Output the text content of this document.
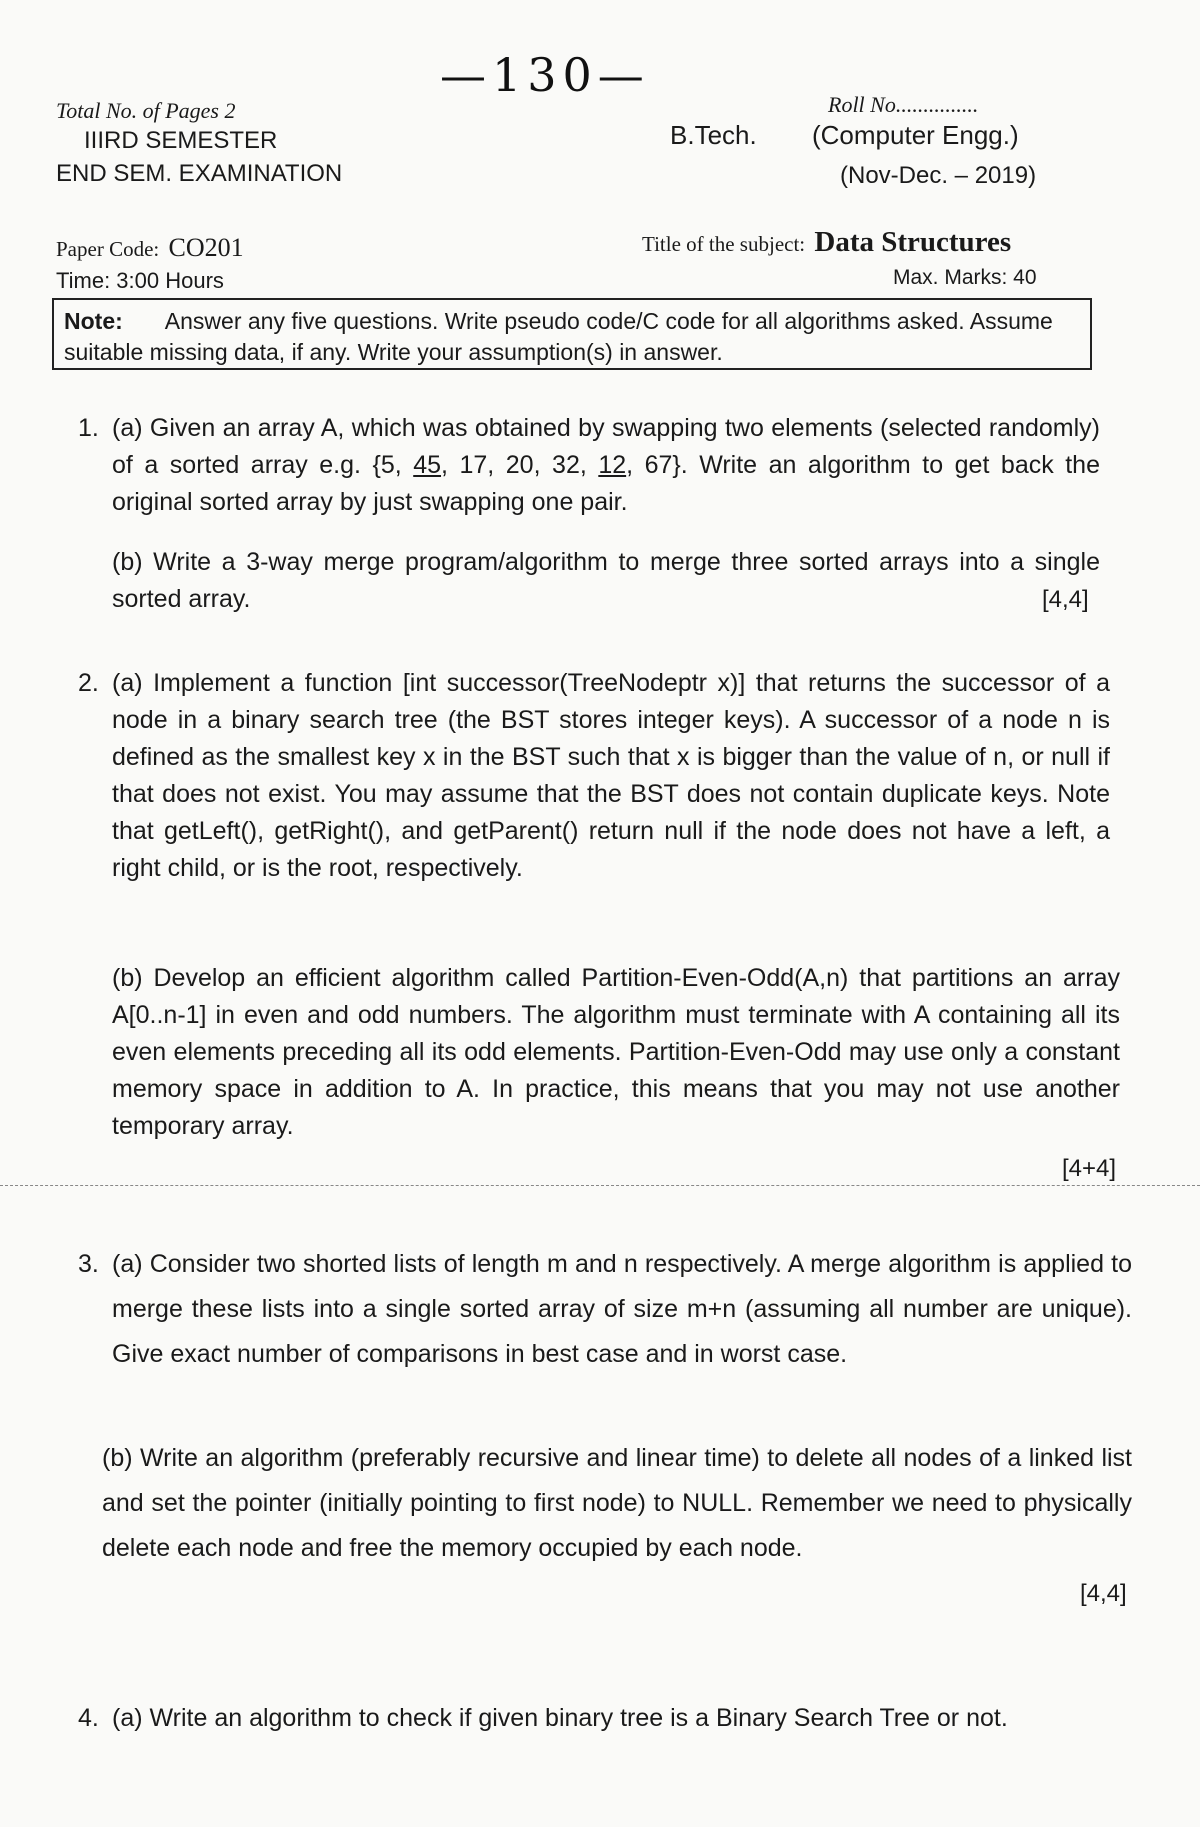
—130—
Total No. of Pages 2
IIIRD SEMESTER
END SEM. EXAMINATION
Roll No...............
B.Tech. (Computer Engg.)
(Nov-Dec. – 2019)
Paper Code: CO201
Time: 3:00 Hours
Title of the subject: Data Structures
Max. Marks: 40
Note: Answer any five questions. Write pseudo code/C code for all algorithms asked. Assume suitable missing data, if any. Write your assumption(s) in answer.
1. (a) Given an array A, which was obtained by swapping two elements (selected randomly) of a sorted array e.g. {5, 45, 17, 20, 32, 12, 67}. Write an algorithm to get back the original sorted array by just swapping one pair.
(b) Write a 3-way merge program/algorithm to merge three sorted arrays into a single sorted array.	[4,4]
2. (a) Implement a function [int successor(TreeNodeptr x)] that returns the successor of a node in a binary search tree (the BST stores integer keys). A successor of a node n is defined as the smallest key x in the BST such that x is bigger than the value of n, or null if that does not exist. You may assume that the BST does not contain duplicate keys. Note that getLeft(), getRight(), and getParent() return null if the node does not have a left, a right child, or is the root, respectively.
(b) Develop an efficient algorithm called Partition-Even-Odd(A,n) that partitions an array A[0..n-1] in even and odd numbers. The algorithm must terminate with A containing all its even elements preceding all its odd elements. Partition-Even-Odd may use only a constant memory space in addition to A. In practice, this means that you may not use another temporary array.
[4+4]
3. (a) Consider two shorted lists of length m and n respectively. A merge algorithm is applied to merge these lists into a single sorted array of size m+n (assuming all number are unique). Give exact number of comparisons in best case and in worst case.
(b) Write an algorithm (preferably recursive and linear time) to delete all nodes of a linked list and set the pointer (initially pointing to first node) to NULL. Remember we need to physically delete each node and free the memory occupied by each node.
[4,4]
4. (a) Write an algorithm to check if given binary tree is a Binary Search Tree or not.
